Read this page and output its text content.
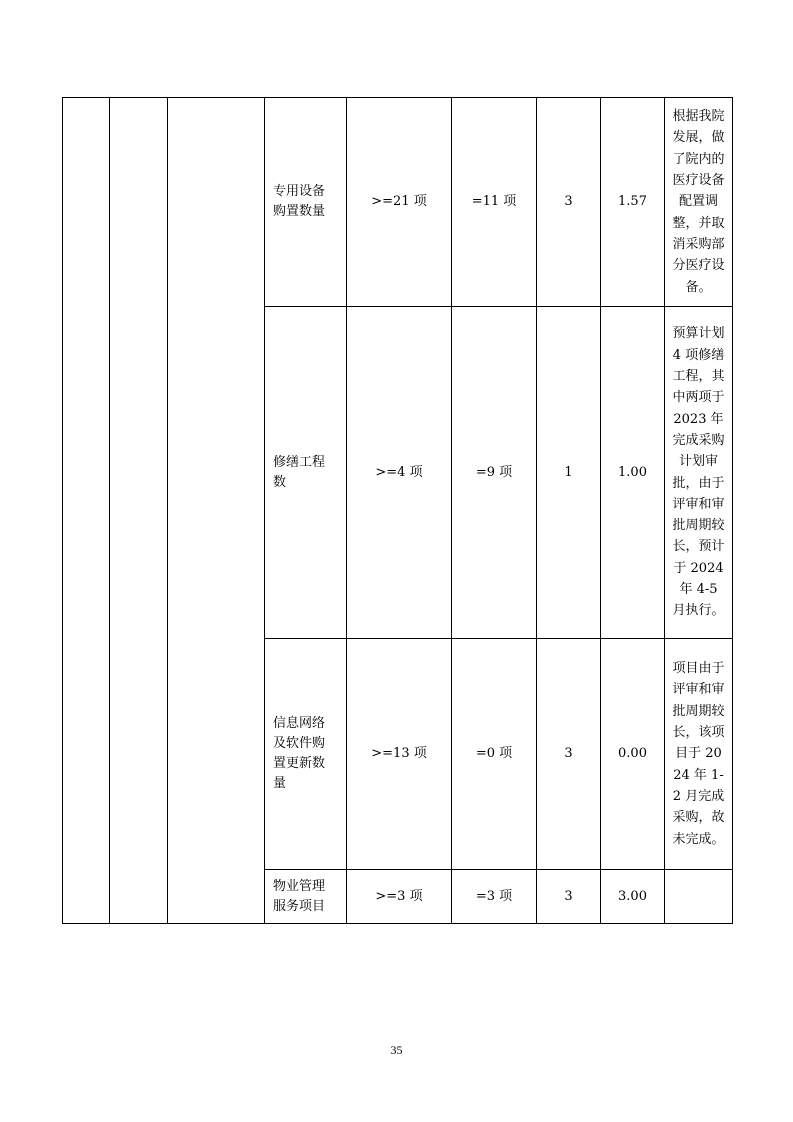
			专用设备购置数量	>=21 项	=11 项	3	1.57	根据我院发展，做了院内的医疗设备配置调整，并取消采购部分医疗设备。

			修缮工程数	>=4 项	=9 项	1	1.00	预算计划 4 项修缮工程，其中两项于 2023 年完成采购计划审批，由于评审和审批周期较长，预计于 2024 年 4-5 月执行。

			信息网络及软件购置更新数量	>=13 项	=0 项	3	0.00	项目由于评审和审批周期较长，该项目于 2024 年 1-2 月完成采购，故未完成。

			物业管理服务项目	>=3 项	=3 项	3	3.00	
35
